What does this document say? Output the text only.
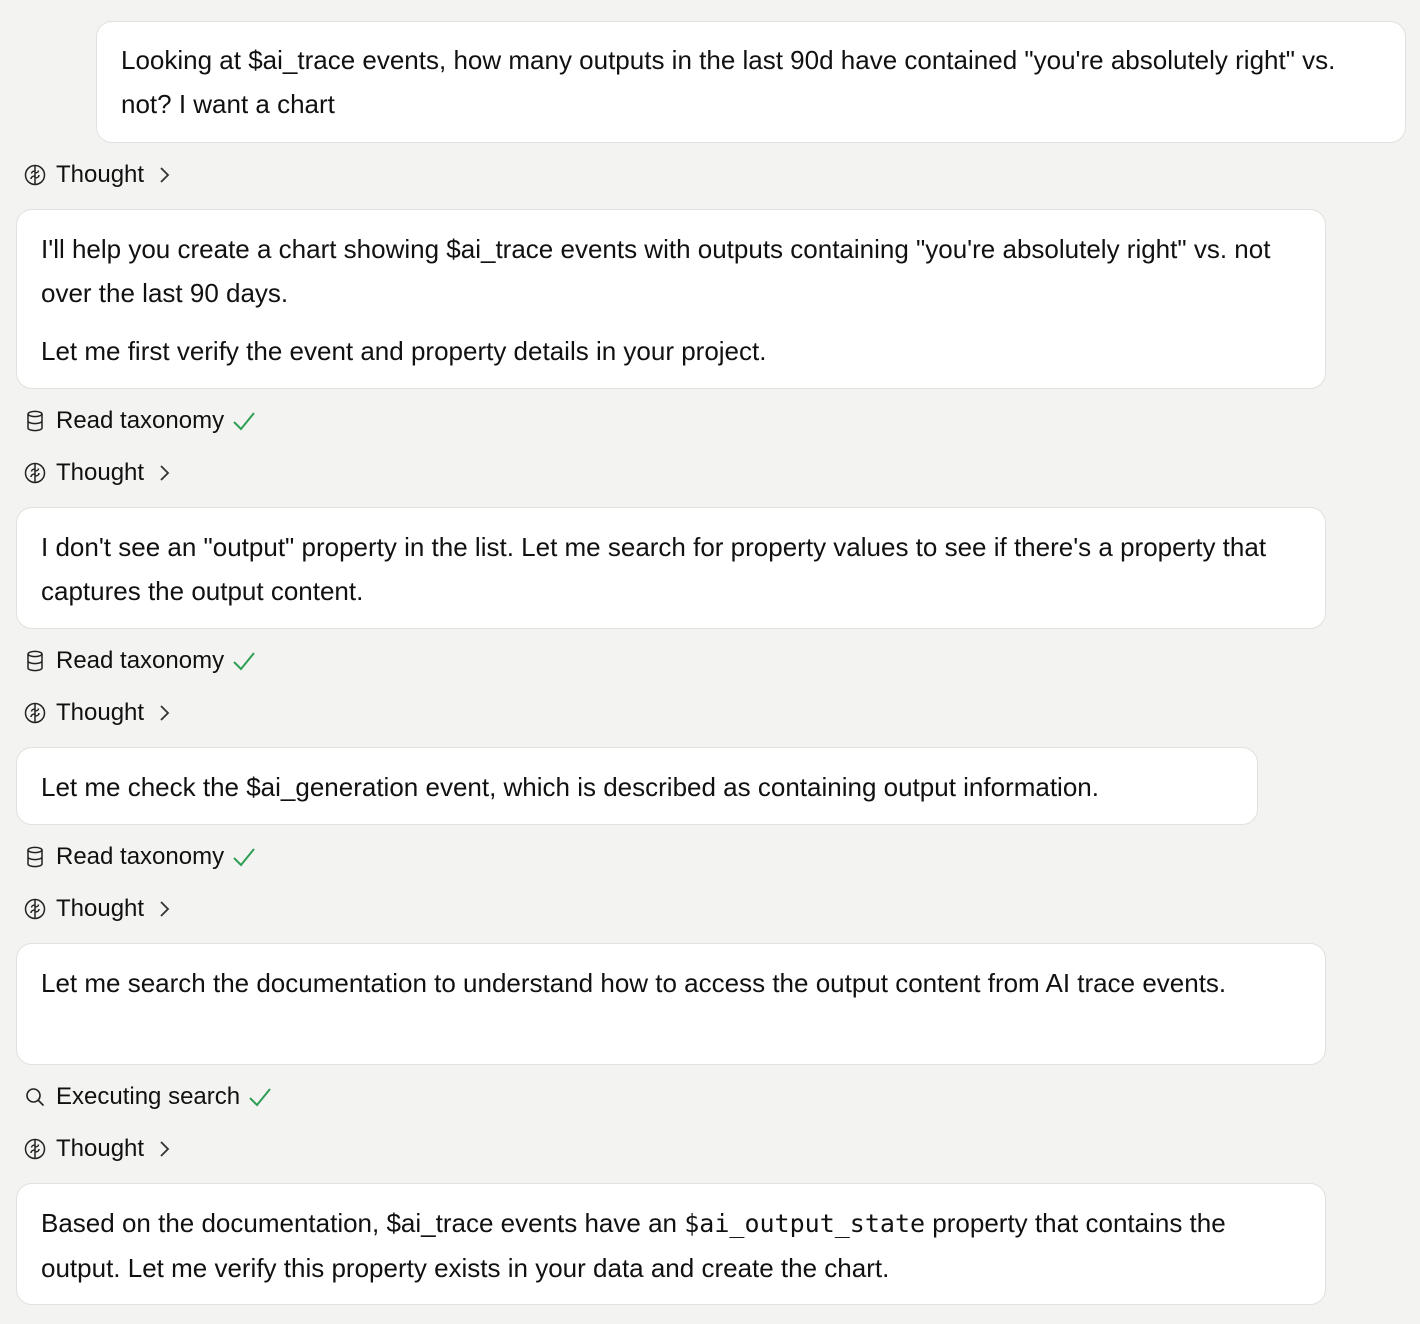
Looking at $ai_trace events, how many outputs in the last 90d have contained "you're absolutely right" vs. not? I want a chart
Thought

I'll help you create a chart showing $ai_trace events with outputs containing "you're absolutely right" vs. not over the last 90 days.

Let me first verify the event and property details in your project.

Read taxonomy
Thought

I don't see an "output" property in the list. Let me search for property values to see if there's a property that captures the output content.

Read taxonomy
Thought

Let me check the $ai_generation event, which is described as containing output information.

Read taxonomy
Thought

Let me search the documentation to understand how to access the output content from AI trace events.

Executing search
Thought

Based on the documentation, $ai_trace events have an $ai_output_state property that contains the output. Let me verify this property exists in your data and create the chart.
